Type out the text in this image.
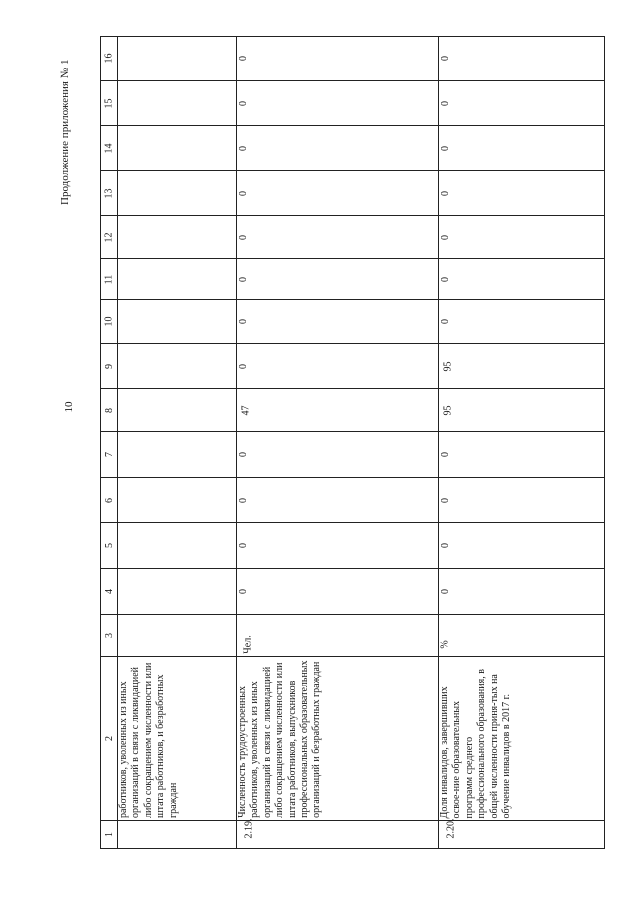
10
Продолжение приложения № 1
1
2
3
4
5
6
7
8
9
10
11
12
13
14
15
16
работников, уволенных из иных организаций в связи с ликвидацией либо сокращением численности или штата работников, и безработных граждан
2.19.
Численность трудоустроенных работников, уволенных из иных организаций в связи с ликвидацией либо сокращением численности или штата работников, выпускников профессиональных образовательных организаций и безработных граждан
Чел.
0
0
0
0
47
0
0
0
0
0
0
0
0
2.20.
Доля инвалидов, завершивших освое-ние образовательных программ среднего профессионального образования, в общей численности приня-тых на обучение инвалидов в 2017 г.
%
0
0
0
0
95
95
0
0
0
0
0
0
0
